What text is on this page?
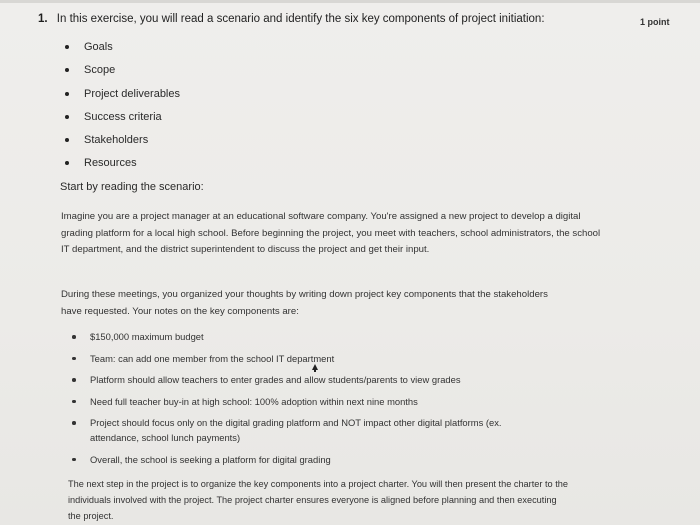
1. In this exercise, you will read a scenario and identify the six key components of project initiation:	1 point
Goals
Scope
Project deliverables
Success criteria
Stakeholders
Resources
Start by reading the scenario:
Imagine you are a project manager at an educational software company. You're assigned a new project to develop a digital grading platform for a local high school. Before beginning the project, you meet with teachers, school administrators, the school IT department, and the district superintendent to discuss the project and get their input.
During these meetings, you organized your thoughts by writing down project key components that the stakeholders have requested. Your notes on the key components are:
$150,000 maximum budget
Team: can add one member from the school IT department
Platform should allow teachers to enter grades and allow students/parents to view grades
Need full teacher buy-in at high school: 100% adoption within next nine months
Project should focus only on the digital grading platform and NOT impact other digital platforms (ex. attendance, school lunch payments)
Overall, the school is seeking a platform for digital grading
The next step in the project is to organize the key components into a project charter. You will then present the charter to the individuals involved with the project. The project charter ensures everyone is aligned before planning and then executing the project.
